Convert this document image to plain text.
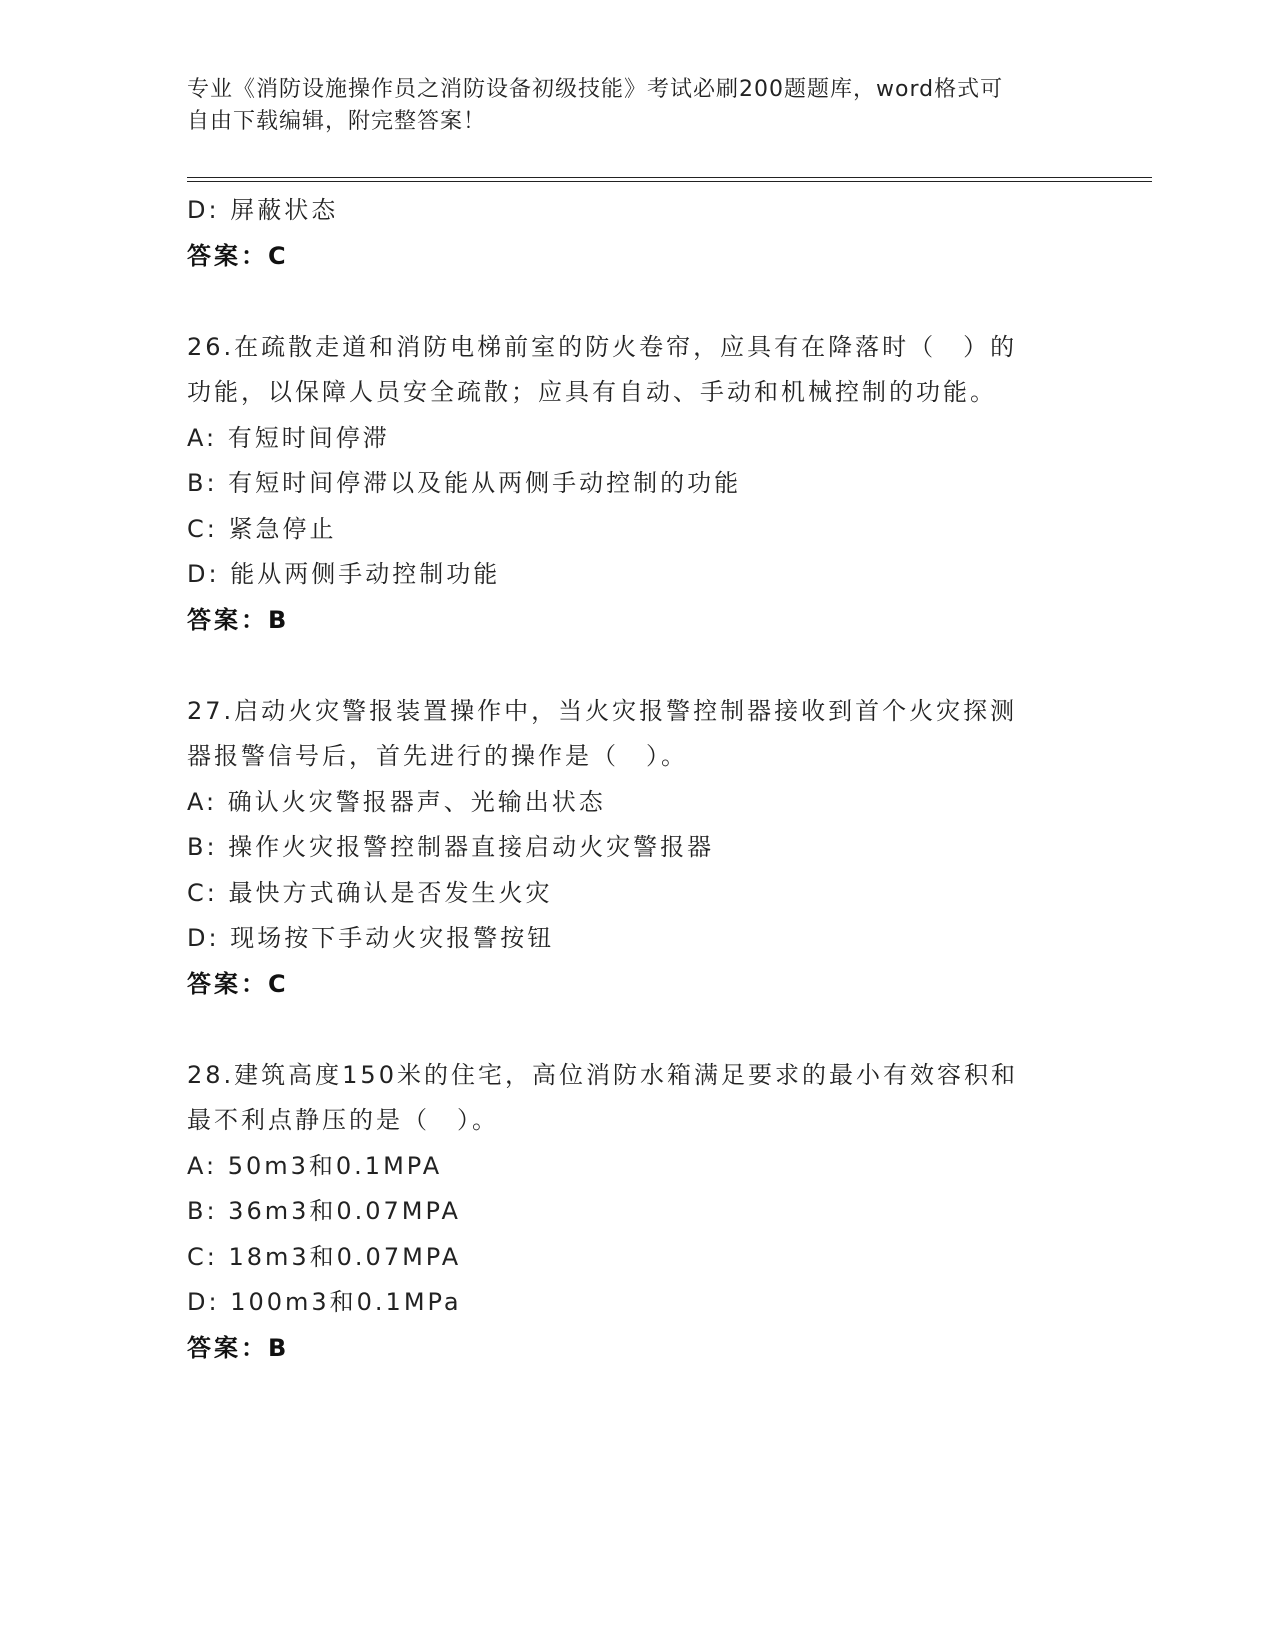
专业《消防设施操作员之消防设备初级技能》考试必刷200题题库，word格式可
自由下载编辑，附完整答案！
D: 屏蔽状态
答案：C
26.在疏散走道和消防电梯前室的防火卷帘，应具有在降落时（　）的
功能，以保障人员安全疏散；应具有自动、手动和机械控制的功能。
A: 有短时间停滞
B: 有短时间停滞以及能从两侧手动控制的功能
C: 紧急停止
D: 能从两侧手动控制功能
答案：B
27.启动火灾警报装置操作中，当火灾报警控制器接收到首个火灾探测
器报警信号后，首先进行的操作是（　）。
A: 确认火灾警报器声、光输出状态
B: 操作火灾报警控制器直接启动火灾警报器
C: 最快方式确认是否发生火灾
D: 现场按下手动火灾报警按钮
答案：C
28.建筑高度150米的住宅，高位消防水箱满足要求的最小有效容积和
最不利点静压的是（　）。
A: 50m3和0.1MPA
B: 36m3和0.07MPA
C: 18m3和0.07MPA
D: 100m3和0.1MPa
答案：B
